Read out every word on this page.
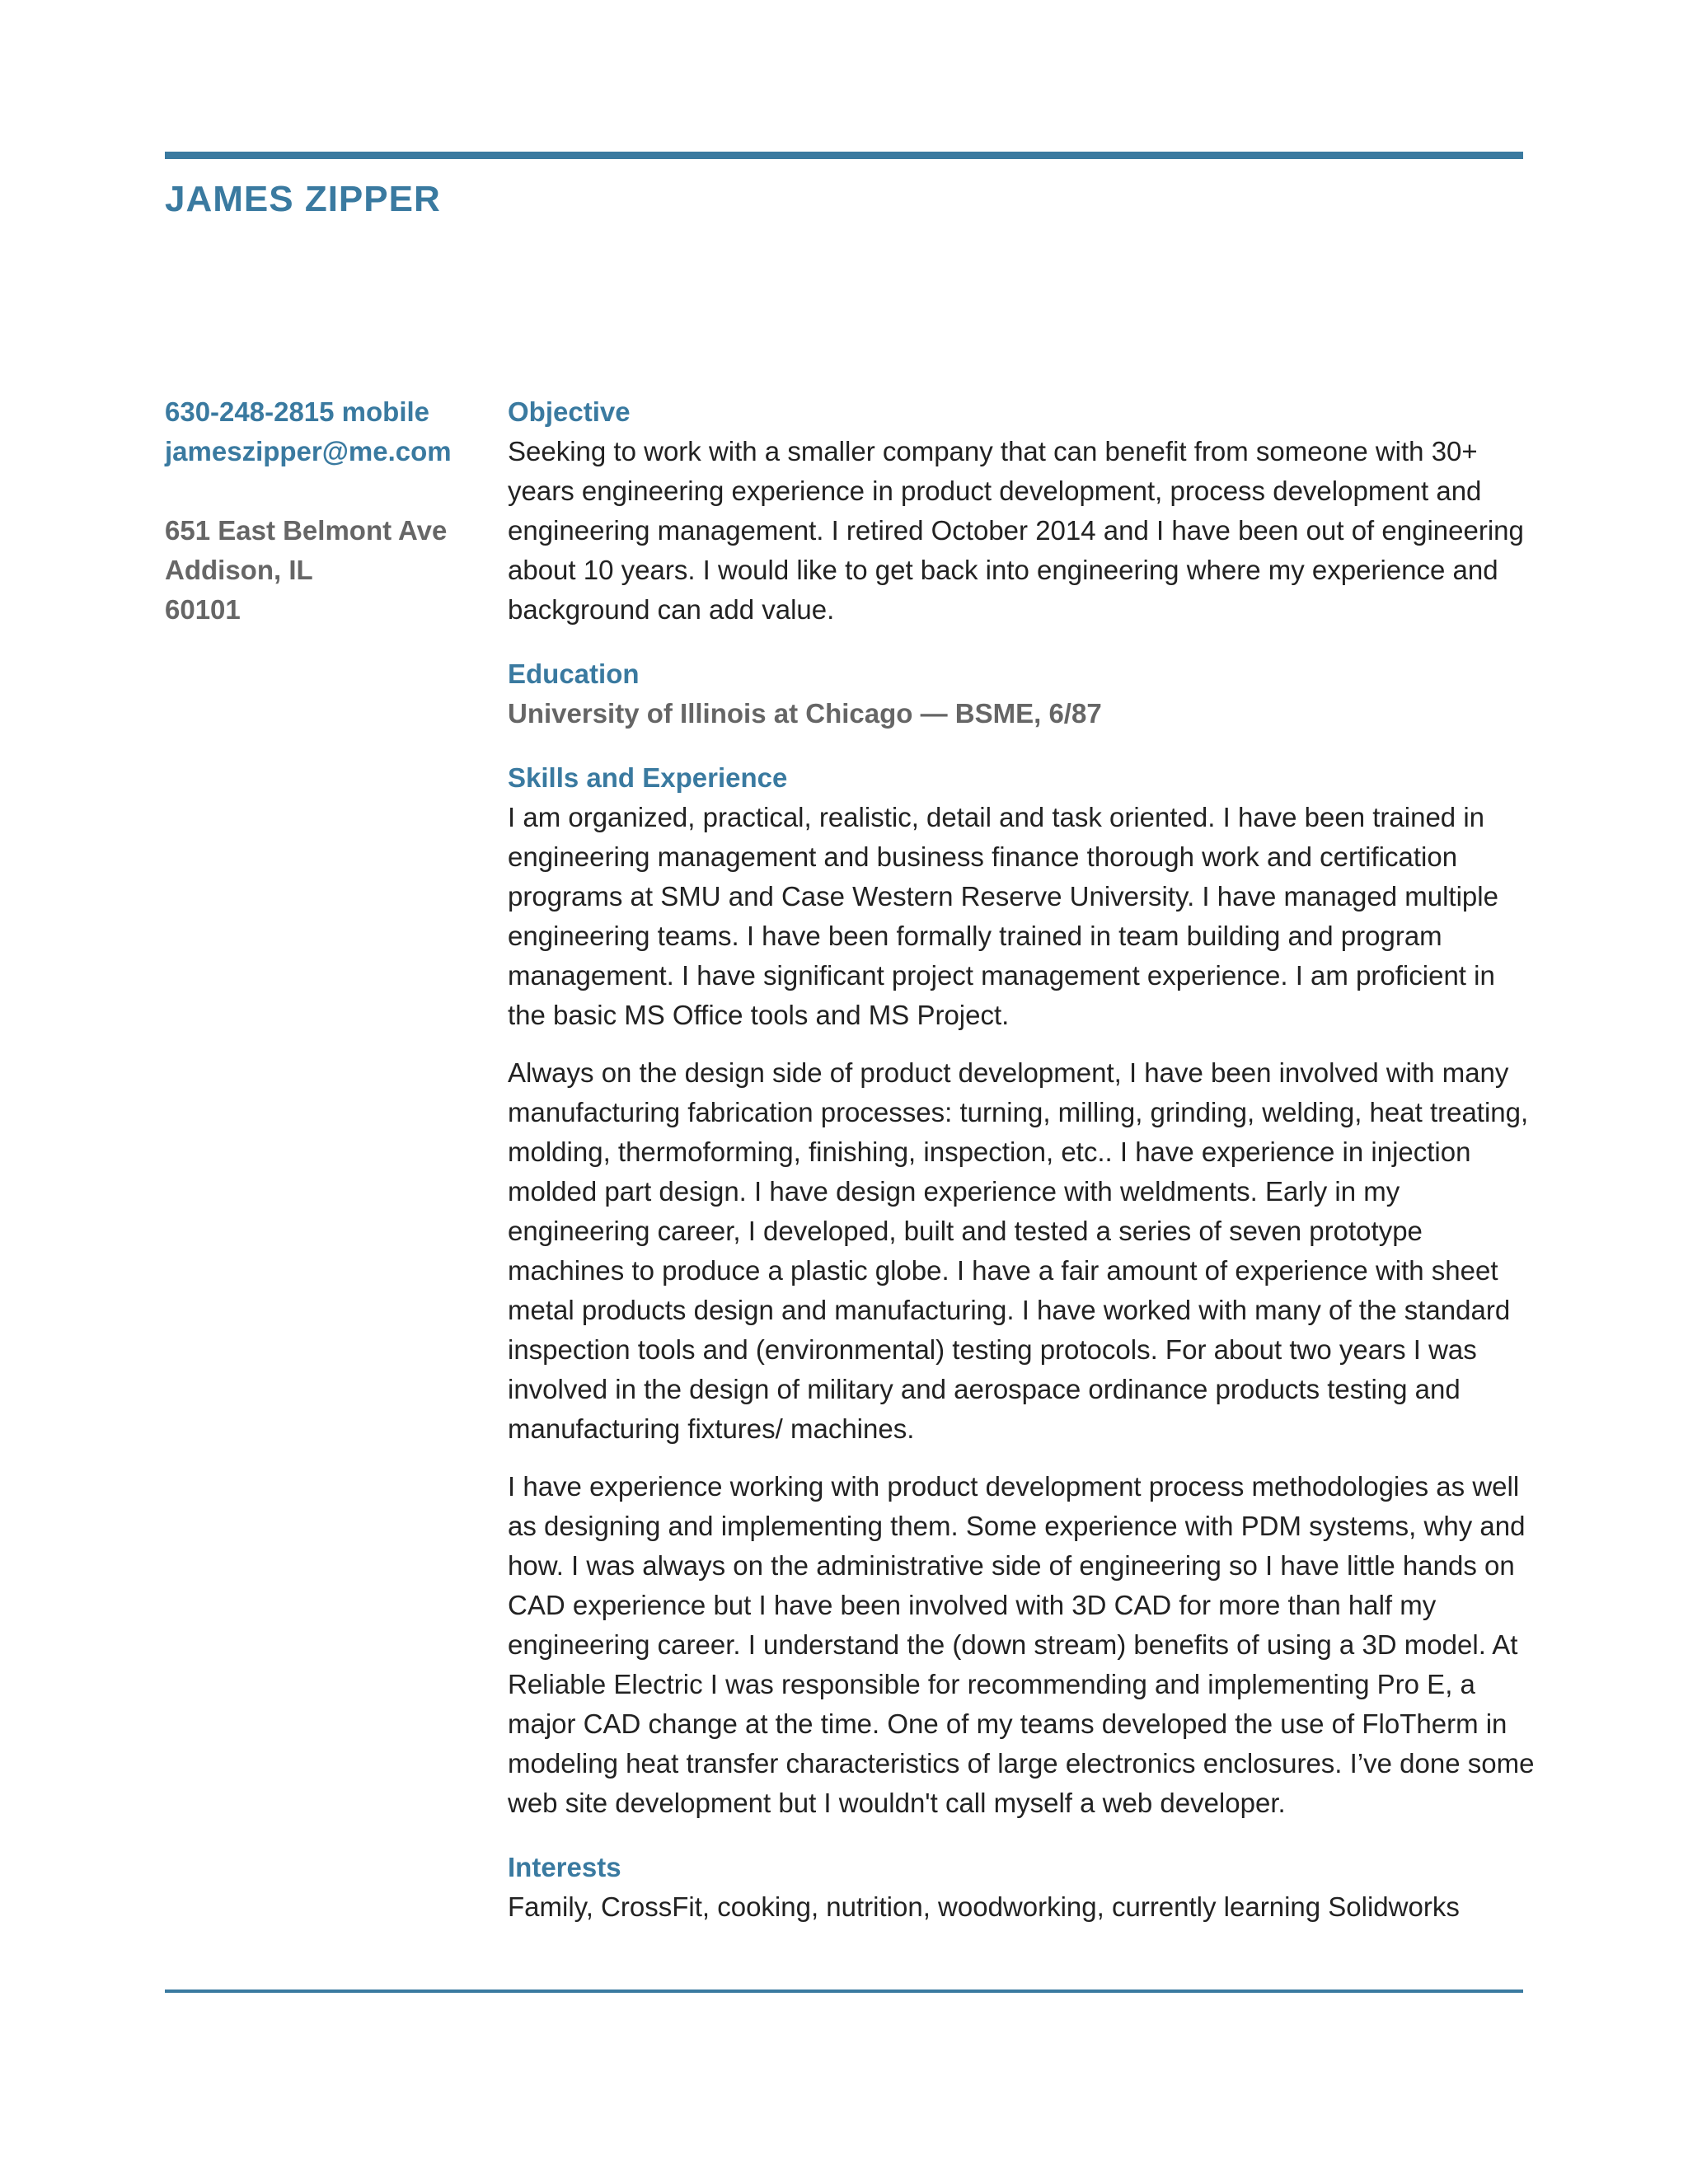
JAMES ZIPPER
630-248-2815 mobile
jameszipper@me.com
651 East Belmont Ave
Addison, IL
60101
Objective

Seeking to work with a smaller company that can benefit from someone with 30+ years engineering experience in product development, process development and engineering management. I retired October 2014 and I have been out of engineering about 10 years. I would like to get back into engineering where my experience and background can add value.

Education

University of Illinois at Chicago — BSME, 6/87

Skills and Experience

I am organized, practical, realistic, detail and task oriented. I have been trained in engineering management and business finance thorough work and certification programs at SMU and Case Western Reserve University. I have managed multiple engineering teams. I have been formally trained in team building and program management. I have significant project management experience. I am proficient in the basic MS Office tools and MS Project.

Always on the design side of product development, I have been involved with many manufacturing fabrication processes: turning, milling, grinding, welding, heat treating, molding, thermoforming, finishing, inspection, etc.. I have experience in injection molded part design. I have design experience with weldments. Early in my engineering career, I developed, built and tested a series of seven prototype machines to produce a plastic globe. I have a fair amount of experience with sheet metal products design and manufacturing. I have worked with many of the standard inspection tools and (environmental) testing protocols. For about two years I was involved in the design of military and aerospace ordinance products testing and manufacturing fixtures/ machines.

I have experience working with product development process methodologies as well as designing and implementing them. Some experience with PDM systems, why and how. I was always on the administrative side of engineering so I have little hands on CAD experience but I have been involved with 3D CAD for more than half my engineering career. I understand the (down stream) benefits of using a 3D model. At Reliable Electric I was responsible for recommending and implementing Pro E, a major CAD change at the time. One of my teams developed the use of FloTherm in modeling heat transfer characteristics of large electronics enclosures. I’ve done some web site development but I wouldn't call myself a web developer.

Interests

Family, CrossFit, cooking, nutrition, woodworking, currently learning Solidworks
